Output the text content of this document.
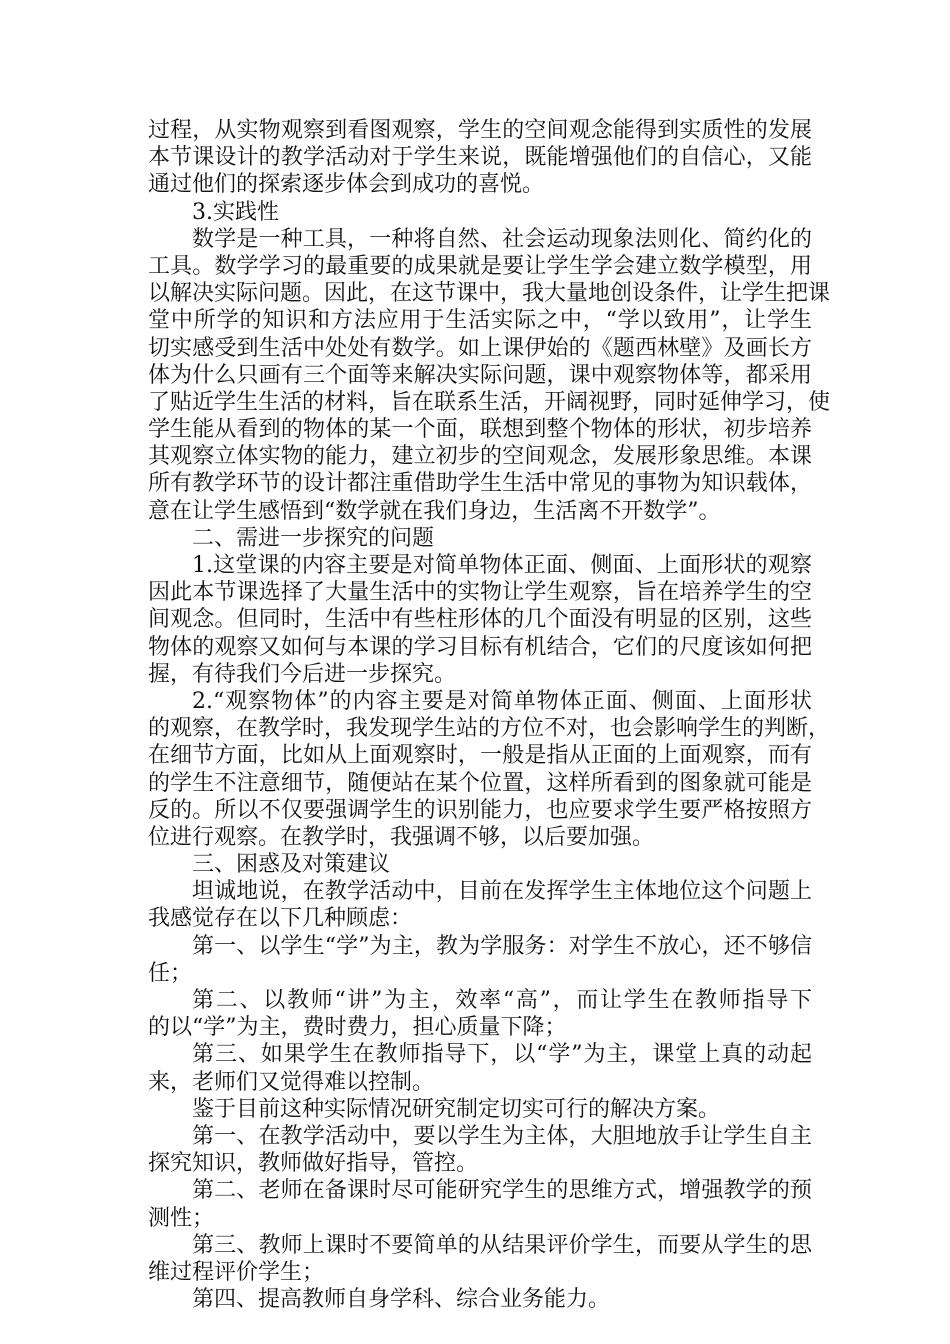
过程，从实物观察到看图观察，学生的空间观念能得到实质性的发展
本节课设计的教学活动对于学生来说，既能增强他们的自信心，又能
通过他们的探索逐步体会到成功的喜悦。
3.实践性
数学是一种工具，一种将自然、社会运动现象法则化、简约化的
工具。数学学习的最重要的成果就是要让学生学会建立数学模型，用
以解决实际问题。因此，在这节课中，我大量地创设条件，让学生把课
堂中所学的知识和方法应用于生活实际之中，“学以致用”，让学生
切实感受到生活中处处有数学。如上课伊始的《题西林壁》及画长方
体为什么只画有三个面等来解决实际问题，课中观察物体等，都采用
了贴近学生生活的材料，旨在联系生活，开阔视野，同时延伸学习，使
学生能从看到的物体的某一个面，联想到整个物体的形状，初步培养
其观察立体实物的能力，建立初步的空间观念，发展形象思维。本课
所有教学环节的设计都注重借助学生生活中常见的事物为知识载体，
意在让学生感悟到“数学就在我们身边，生活离不开数学”。
二、需进一步探究的问题
1.这堂课的内容主要是对简单物体正面、侧面、上面形状的观察
因此本节课选择了大量生活中的实物让学生观察，旨在培养学生的空
间观念。但同时，生活中有些柱形体的几个面没有明显的区别，这些
物体的观察又如何与本课的学习目标有机结合，它们的尺度该如何把
握，有待我们今后进一步探究。
2.“观察物体”的内容主要是对简单物体正面、侧面、上面形状
的观察，在教学时，我发现学生站的方位不对，也会影响学生的判断，
在细节方面，比如从上面观察时，一般是指从正面的上面观察，而有
的学生不注意细节，随便站在某个位置，这样所看到的图象就可能是
反的。所以不仅要强调学生的识别能力，也应要求学生要严格按照方
位进行观察。在教学时，我强调不够，以后要加强。
三、困惑及对策建议
坦诚地说，在教学活动中，目前在发挥学生主体地位这个问题上
我感觉存在以下几种顾虑：
第一、以学生“学”为主，教为学服务：对学生不放心，还不够信
任；
第二、以教师“讲”为主，效率“高”，而让学生在教师指导下
的以“学”为主，费时费力，担心质量下降；
第三、如果学生在教师指导下，以“学”为主，课堂上真的动起
来，老师们又觉得难以控制。
鉴于目前这种实际情况研究制定切实可行的解决方案。
第一、在教学活动中，要以学生为主体，大胆地放手让学生自主
探究知识，教师做好指导，管控。
第二、老师在备课时尽可能研究学生的思维方式，增强教学的预
测性；
第三、教师上课时不要简单的从结果评价学生，而要从学生的思
维过程评价学生；
第四、提高教师自身学科、综合业务能力。
